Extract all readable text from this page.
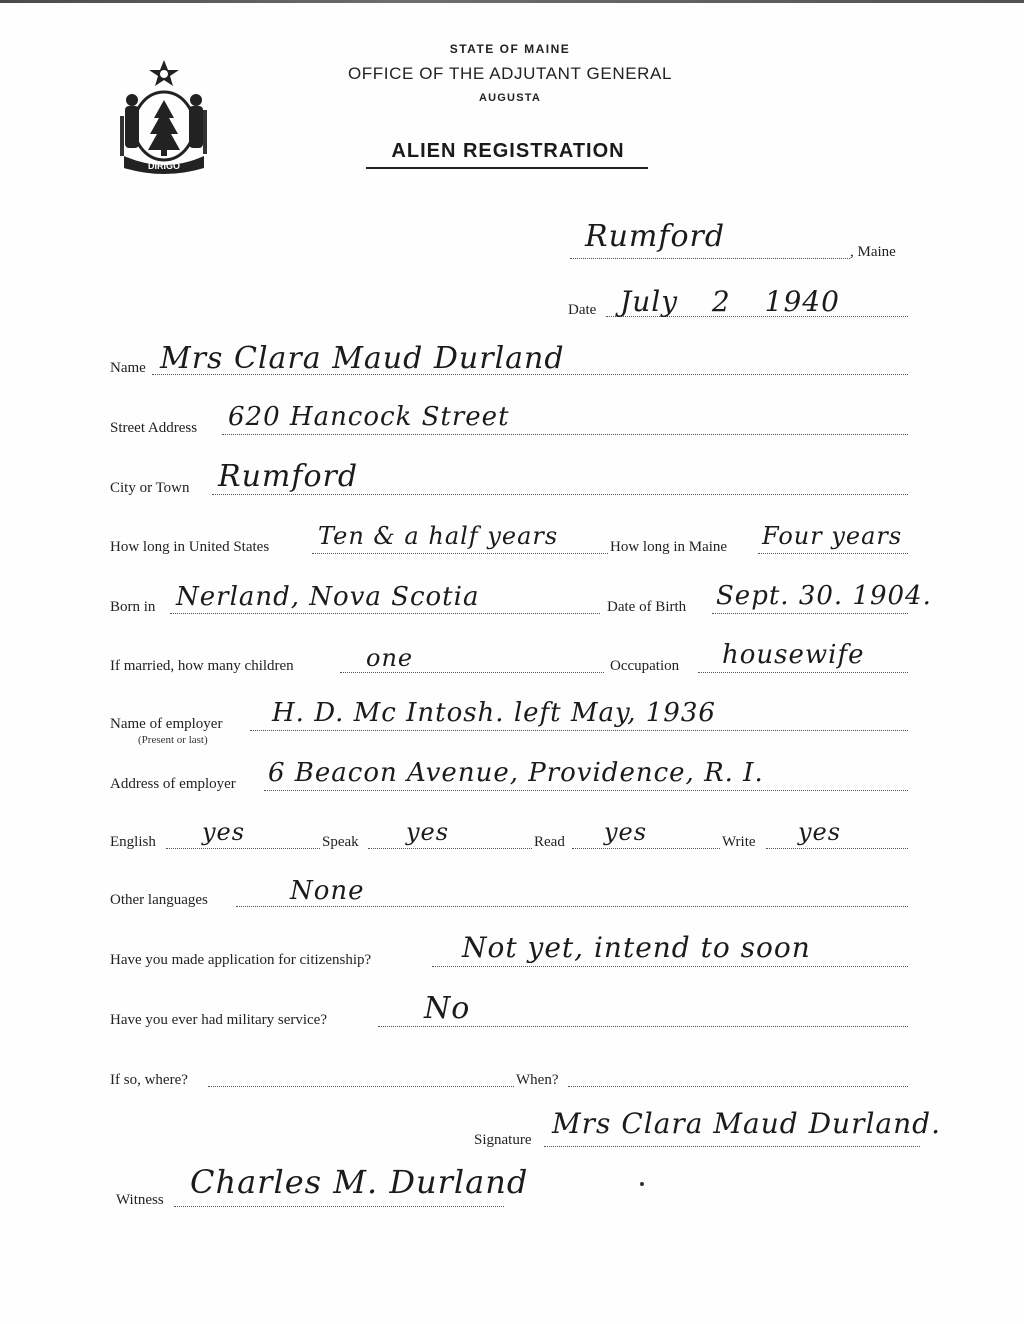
DIRIGO
STATE OF MAINE
OFFICE OF THE ADJUTANT GENERAL
AUGUSTA
ALIEN REGISTRATION
Rumford	, Maine
Date July 2 1940
Name Mrs Clara Maud Durland
Street Address 620 Hancock Street
City or Town Rumford
How long in United States Ten & a half years	How long in Maine Four years
Born in Nerland, Nova Scotia	Date of Birth Sept. 30. 1904.
If married, how many children	one	Occupation housewife
Name of employer
(Present or last)
H. D. Mc Intosh. left May, 1936
Address of employer 6 Beacon Avenue, Providence, R. I.
English yes	Speak yes	Read yes	Write yes
Other languages	None
Have you made application for citizenship?	Not yet, intend to soon
Have you ever had military service?	No
If so, where?	When?
Signature Mrs Clara Maud Durland.
Witness Charles M. Durland
